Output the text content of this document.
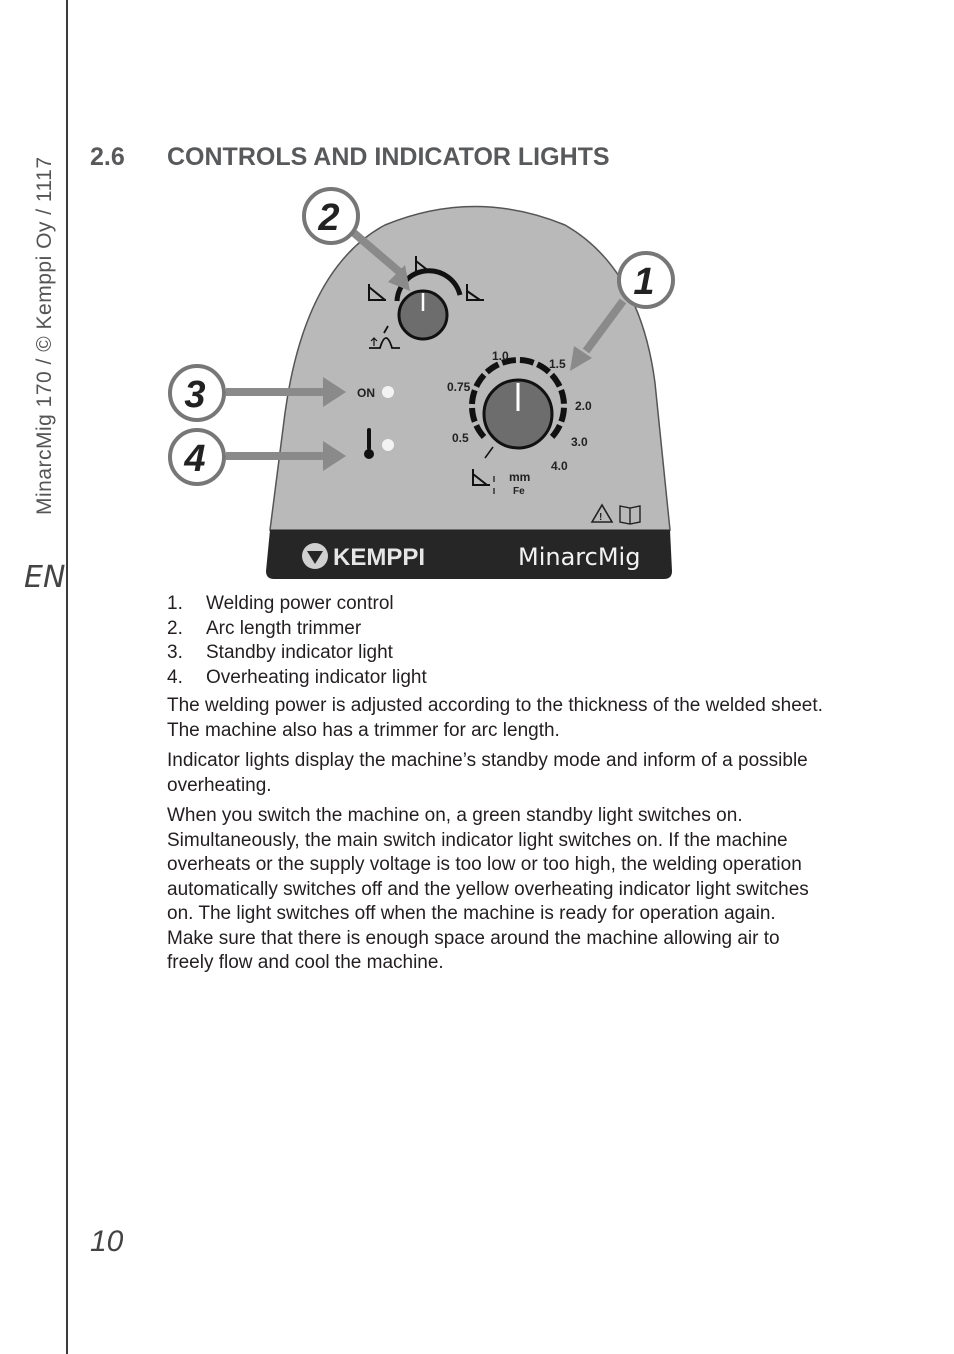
MinarcMig 170 / © Kemppi Oy / 1117
EN
10
2.6 CONTROLS AND INDICATOR LIGHTS
KEMPPI	MinarcMig
!
0.5
0.75
1.0
1.5
2.0
3.0
4.0
mm
Fe
ON
2
1
3
4
1.	Welding power control
2.	Arc length trimmer
3.	Standby indicator light
4.	Overheating indicator light

The welding power is adjusted according to the thickness of the welded sheet. The machine also has a trimmer for arc length.

Indicator lights display the machine’s standby mode and inform of a possible overheating.

When you switch the machine on, a green standby light switches on. Simultaneously, the main switch indicator light switches on. If the machine overheats or the supply voltage is too low or too high, the welding operation automatically switches off and the yellow overheating indicator light switches on. The light switches off when the machine is ready for operation again. Make sure that there is enough space around the machine allowing air to freely flow and cool the machine.
